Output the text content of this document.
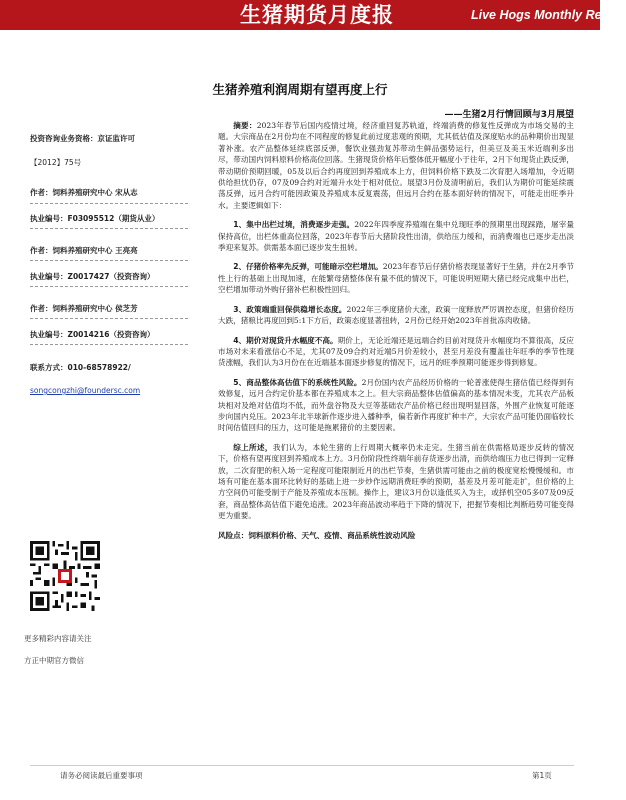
生猪期货月度报	Live Hogs Monthly Report
生猪养殖利润周期有望再度上行
——生猪2月行情回顾与3月展望
投资咨询业务资格：京证监许可
【2012】75号
作者：饲料养殖研究中心 宋从志
执业编号：F03095512（期货从业）
作者：饲料养殖研究中心 王亮亮
执业编号：Z0017427（投资咨询）
作者：饲料养殖研究中心 侯芝芳
执业编号：Z0014216（投资咨询）
联系方式：010-68578922/
songcongzhi@foundersc.com
更多精彩内容请关注
方正中期官方微信

摘要：2023年春节后国内疫情过境，经济重回复苏轨道，终端消费的修复性反弹成为市场交易的主题。大宗商品在2月份均在不同程度的修复此前过度悲观的预期，尤其低估值及深度贴水的品种期价出现显著补涨。农产品整体延续底部反弹，餐饮业强劲复苏带动生鲜品强势运行，但美豆及美玉米近端利多出尽，带动国内饲料原料价格高位回落。生猪现货价格年后整体低开幅度小于往年，2月下旬现货止跌反弹，带动期价预期回暖，05及以后合约再度回到养殖成本上方，但饲料价格下跌及二次育肥入场增加，令近期供给担忧仍存，07及09合约对近端升水处于相对低位。展望3月份及清明前后，我们认为期价可能延续震荡反弹，远月合约可能因政策及养殖成本反复震荡，但远月合约在基本面好转的情况下，可能走出旺季升水。主要逻辑如下：

1、集中出栏过境，消费逐步走强。2022年四季度养殖端在集中兑现旺季的预期里出现踩踏，屠宰量保持高位，出栏体重高位回落，2023年春节后大猪阶段性出清，供给压力缓和，而消费端也已逐步走出淡季迎来复苏。供需基本面已逐步发生扭转。

2、仔猪价格率先反弹，可能暗示空栏增加。2023年春节后仔猪价格表现显著好于生猪，并在2月季节性上行的基础上出现加速，在能繁母猪整体保有量不低的情况下，可能说明短期大猪已经完成集中出栏，空栏增加带动外购仔猪补栏积极性回归。

3、政策端重回保供稳增长态度。2022年三季度猪价大涨，政策一度释放严厉调控态度，但猪价经历大跌，猪粮比再度回到5:1下方后，政策态度显著扭转，2月份已经开始2023年首批冻肉收储。

4、期价对现货升水幅度不高。期价上，无论近端还是远端合约目前对现货升水幅度均不算很高，反应市场对未来看涨信心不足，尤其07及09合约对近端5月价差较小，甚至月差没有覆盖往年旺季的季节性现货涨幅，我们认为3月份在在近端基本面逐步修复的情况下，远月的旺季预期可能逐步得到修复。

5、商品整体高估值下的系统性风险。2月份国内农产品经历价格的一轮普涨使得生猪估值已经得到有效修复，远月合约定价基本都在养殖成本之上。但大宗商品整体估值偏高的基本情况未变，尤其农产品板块相对及绝对估值均不低，而外盘谷物及大豆等基础农产品价格已经出现明显回落，外围产业恢复可能逐步向国内兑压。2023年北半球新作逐步进入播种季，偏若新作再度扩种丰产，大宗农产品可能仍面临较长时间估值回归的压力，这可能是拖累猪价的主要因素。

综上所述，我们认为，本轮生猪的上行周期大概率仍未走完。生猪当前在供需格局逐步反转的情况下，价格有望再度回到养殖成本上方。3月份阶段性终端年前存货逐步出清，而供给端压力也已得到一定释放，二次育肥的积入场一定程度可能限制近月的出栏节奏，生猪供需可能由之前的极度宽松慢慢缓和。市场有可能在基本面环比转好的基础上进一步炒作远期消费旺季的预期，基差及月差可能走扩，但价格的上方空间仍可能受制于产能及养殖成本压制。操作上，建议3月份以逢低买入为主，或择机空05多07及09反套，商品整体高估值下避免追涨。2023年商品波动率趋于下降的情况下，把握节奏相比判断趋势可能变得更为重要。

风险点：饲料原料价格、天气、疫情、商品系统性波动风险

请务必阅读最后重要事项	第1页
